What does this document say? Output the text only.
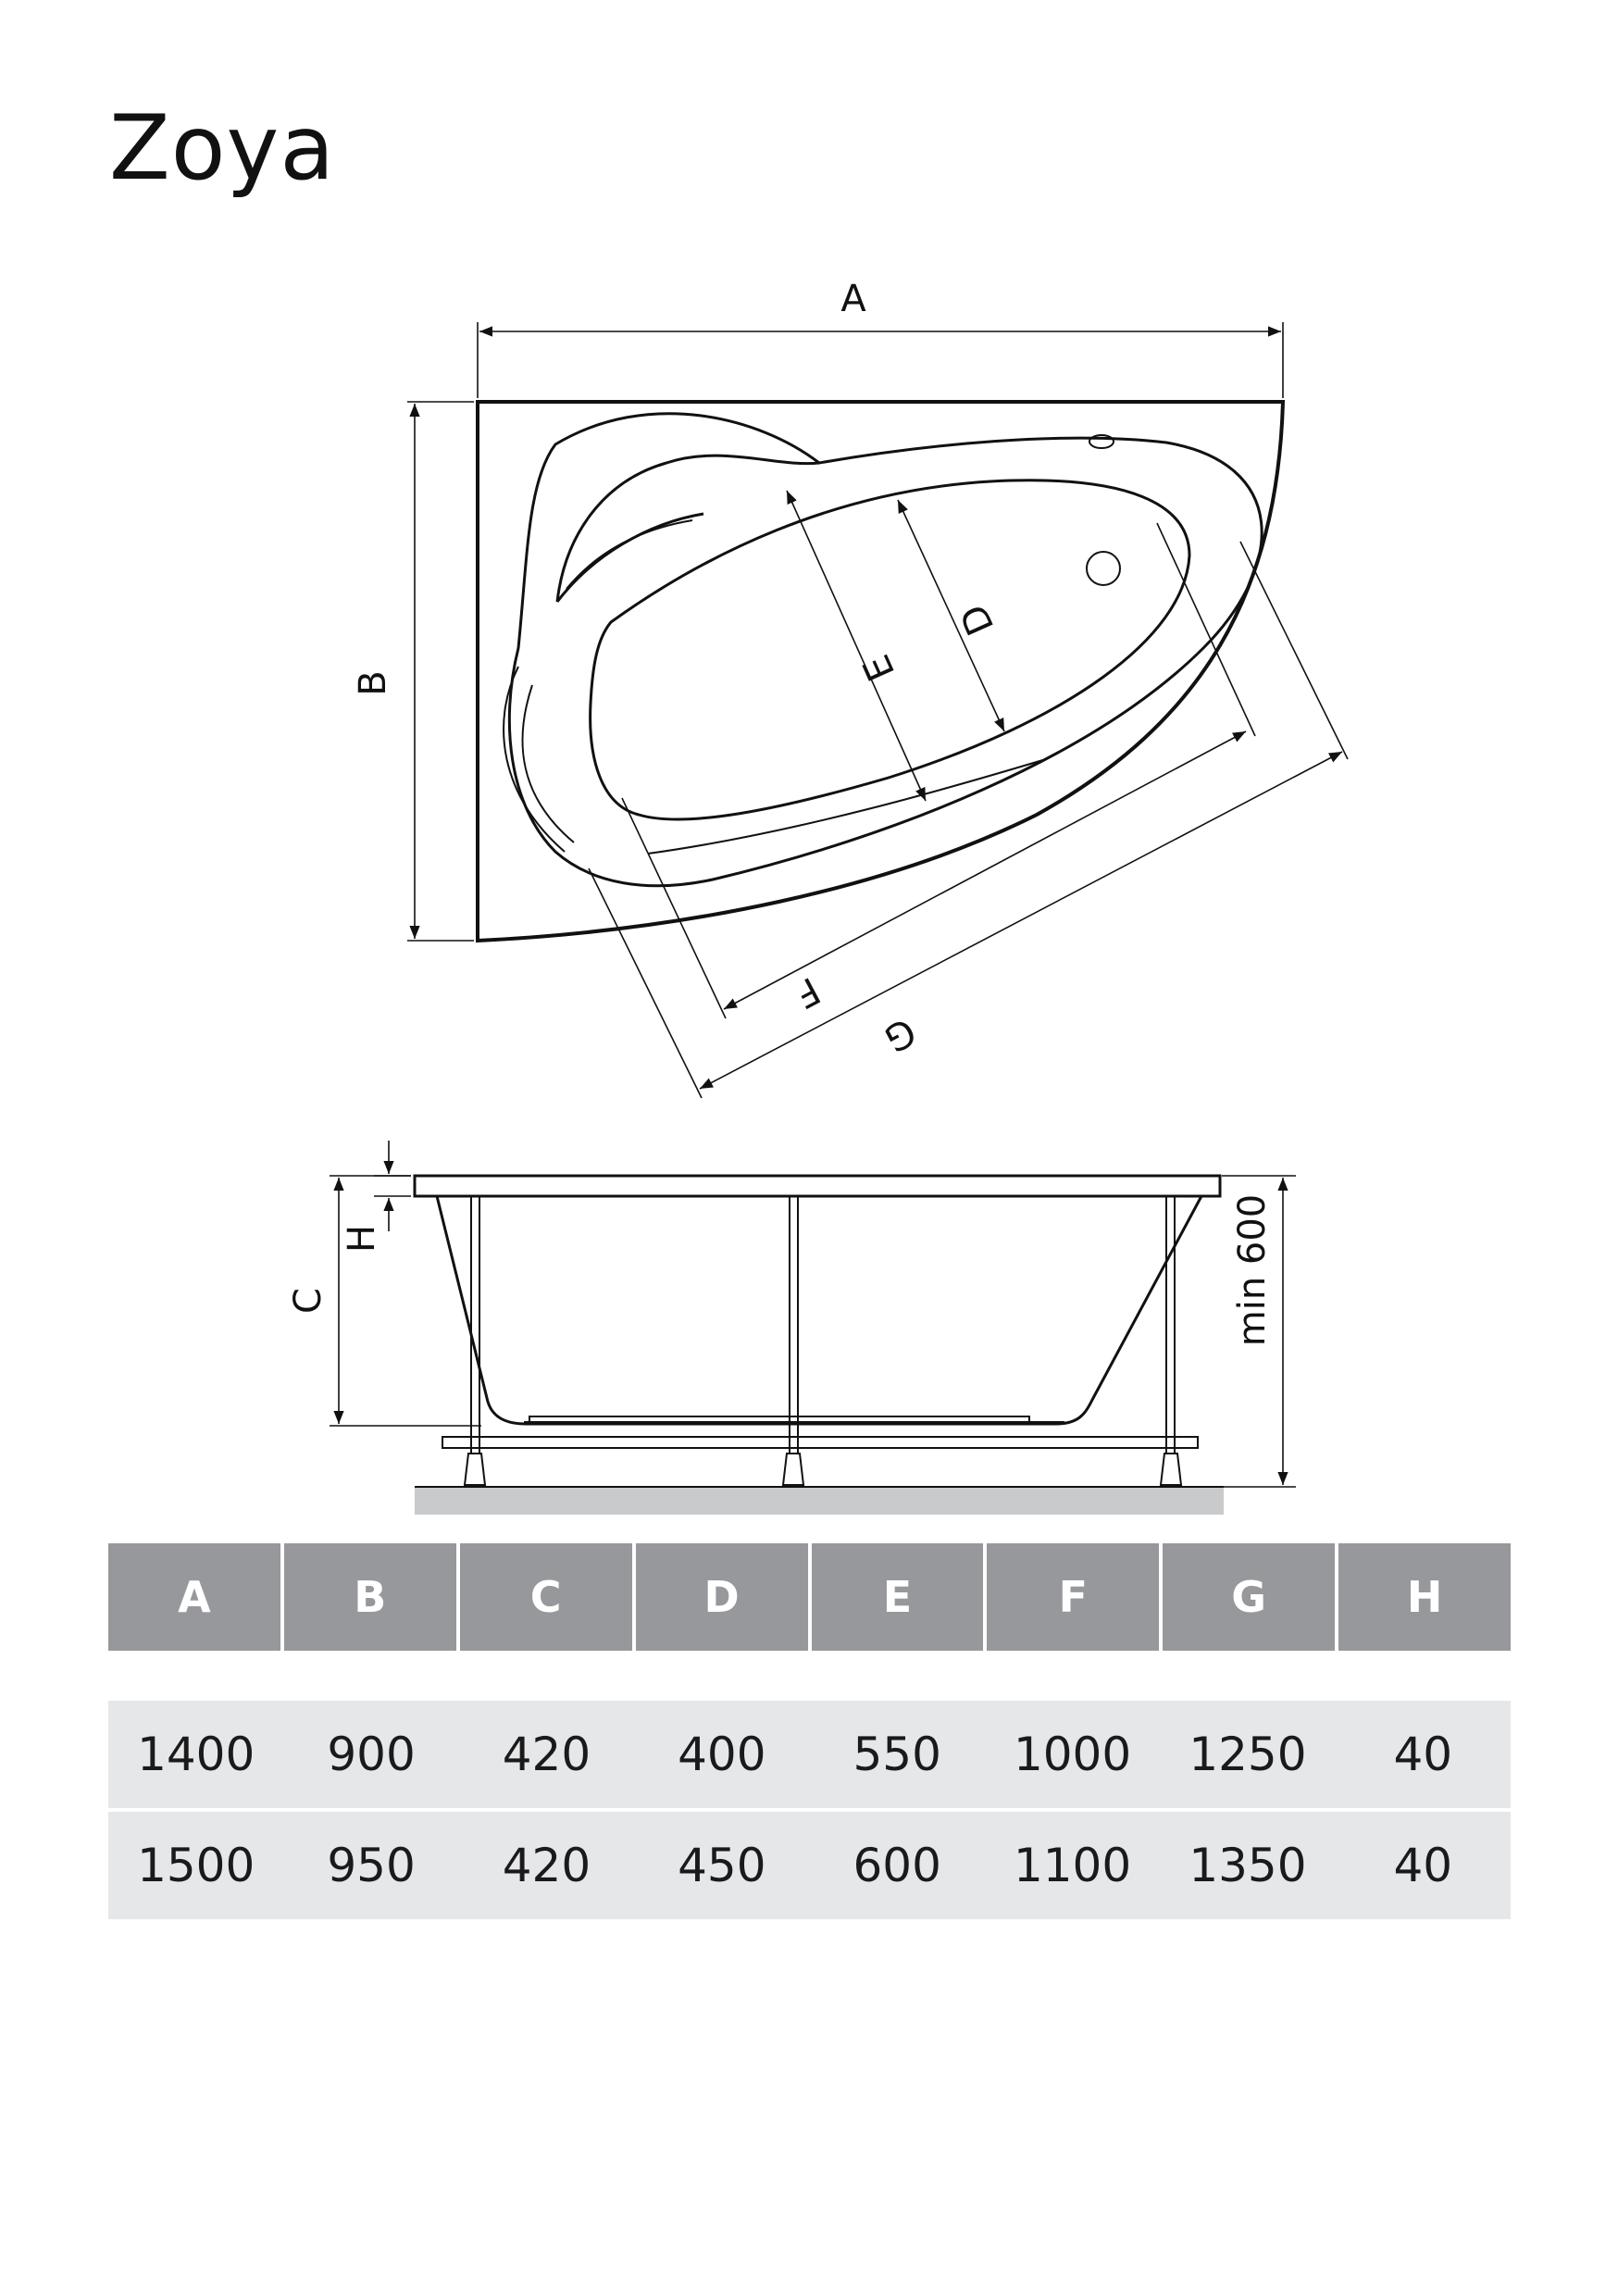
Zoya
A
B	E
D
F
G
C
H	min 600
A	B	C	D	E	F	G	H
1400	900	420	400	550	1000	1250	40
1500	950	420	450	600	1100	1350	40
